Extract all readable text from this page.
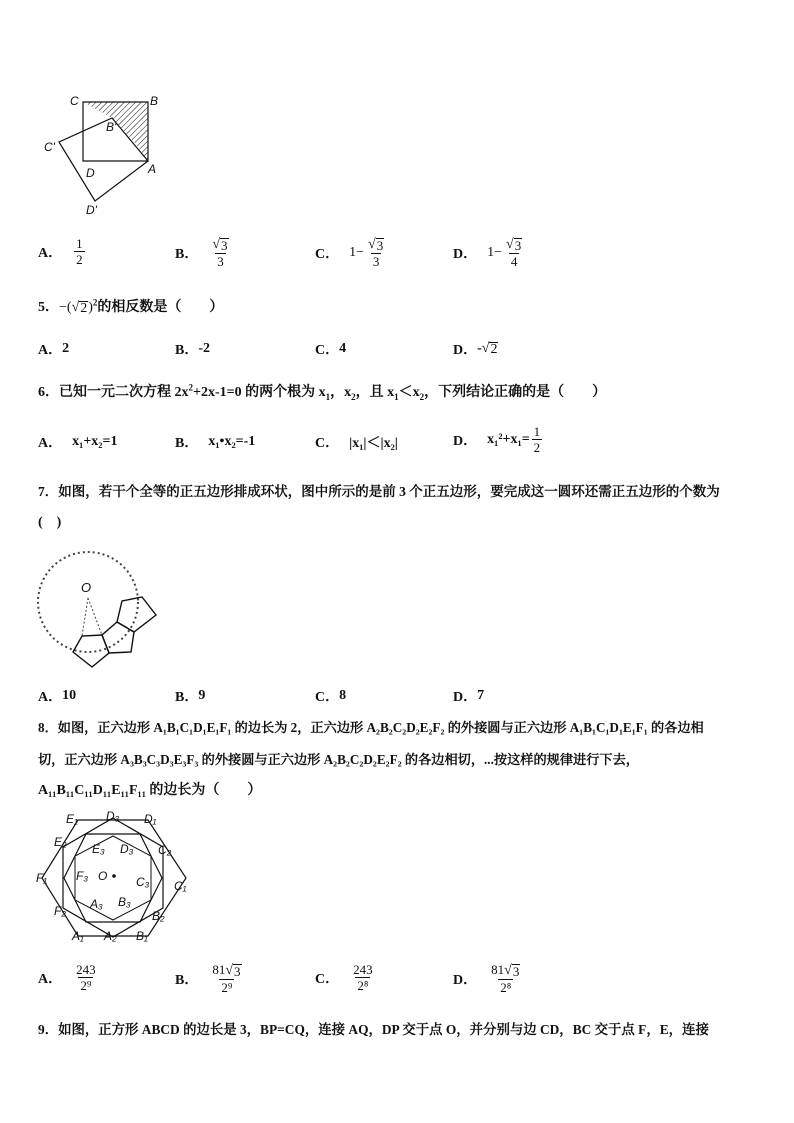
C	B
B'
C'
D	A
D'
A． $\frac{1}{2}$	B． $\frac{√ 3}{3}$	C． $1- \frac{√ 3}{3}$	D． $1- \frac{√ 3}{4}$
5．−( √ 2 )$^2$的相反数是（　　）
A． 2	B． -2	C． 4	D． - √ 2
6．已知一元二次方程 $2x^2+2x-1=0$ 的两个根为 $x_1$，$x_2$，且 $x_1<x_2$，下列结论正确的是（　　）
A． x₁+x₂=1	B． x₁•x₂=-1	C． |x₁|＜|x₂|	D． $x_1^2+x_1= \frac{1}{2}$
7．如图，若干个全等的正五边形排成环状，图中所示的是前 3 个正五边形，要完成这一圆环还需正五边形的个数为
(　)
O
A． 10	B． 9	C． 8	D． 7
8．如图，正六边形 A₁B₁C₁D₁E₁F₁ 的边长为 2，正六边形 A₂B₂C₂D₂E₂F₂ 的外接圆与正六边形 A₁B₁C₁D₁E₁F₁ 的各边相
切，正六边形 A₃B₃C₃D₃E₃F₃ 的外接圆与正六边形 A₂B₂C₂D₂E₂F₂ 的各边相切，...按这样的规律进行下去，
A₁₁B₁₁C₁₁D₁₁E₁₁F₁₁ 的边长为（　　）
D₃ D₁
E₁
E₂
C₂
E₃ D₃
F₃ O C₃
F₁
C₁
A₃ B₃
F₂	B₂
A₁ A₂ B₁
A． $\frac{243}{\text{2⁹}}$	B． $\frac{81 √ 3}{\text{2⁹}}$	C． $\frac{243}{\text{2⁸}}$	D． $\frac{81 √ 3}{\text{2⁸}}$
9．如图，正方形 ABCD 的边长是 3，BP=CQ，连接 AQ，DP 交于点 O，并分别与边 CD，BC 交于点 F，E，连接
